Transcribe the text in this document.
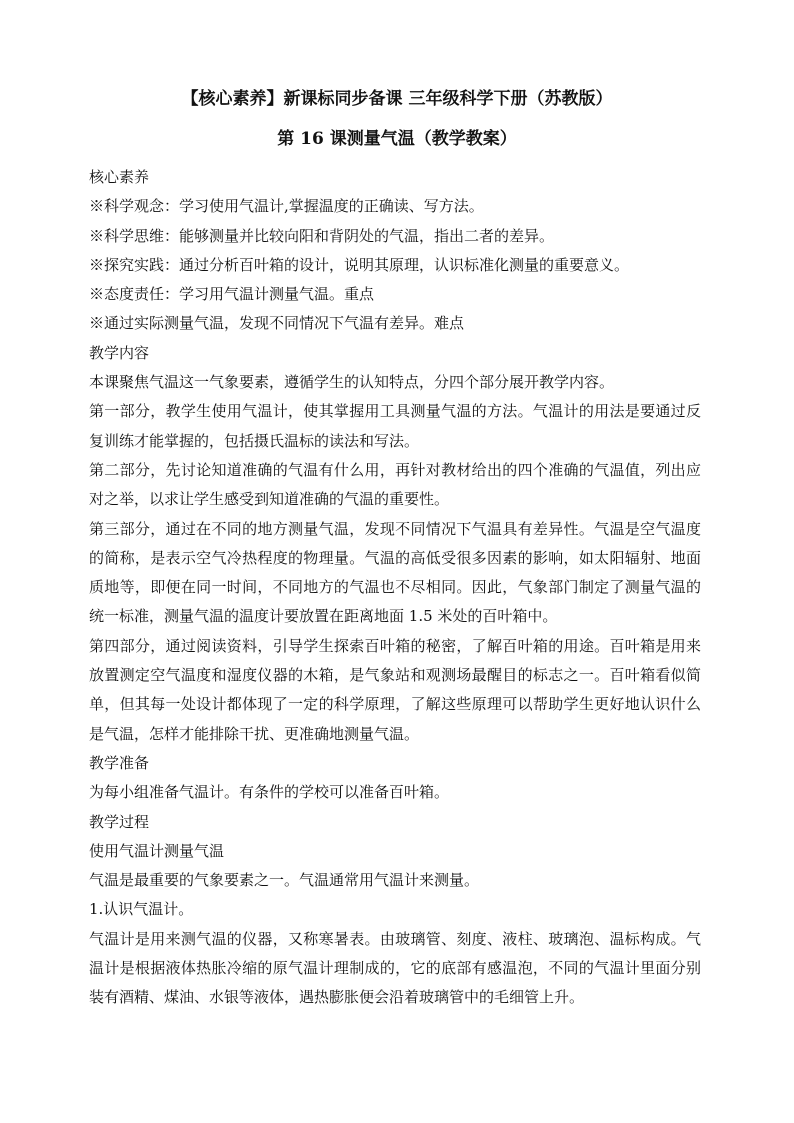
【核心素养】新课标同步备课 三年级科学下册（苏教版）
第 16 课测量气温（教学教案）

核心素养

※科学观念：学习使用气温计,掌握温度的正确读、写方法。

※科学思维：能够测量并比较向阳和背阴处的气温，指出二者的差异。

※探究实践：通过分析百叶箱的设计，说明其原理，认识标准化测量的重要意义。

※态度责任：学习用气温计测量气温。重点

※通过实际测量气温，发现不同情况下气温有差异。难点

教学内容

本课聚焦气温这一气象要素，遵循学生的认知特点，分四个部分展开教学内容。

第一部分，教学生使用气温计，使其掌握用工具测量气温的方法。气温计的用法是要通过反复训练才能掌握的，包括摄氏温标的读法和写法。

第二部分，先讨论知道准确的气温有什么用，再针对教材给出的四个准确的气温值，列出应对之举，以求让学生感受到知道准确的气温的重要性。

第三部分，通过在不同的地方测量气温，发现不同情况下气温具有差异性。气温是空气温度的简称，是表示空气冷热程度的物理量。气温的高低受很多因素的影响，如太阳辐射、地面质地等，即便在同一时间，不同地方的气温也不尽相同。因此，气象部门制定了测量气温的统一标准，测量气温的温度计要放置在距离地面 1.5 米处的百叶箱中。

第四部分，通过阅读资料，引导学生探索百叶箱的秘密，了解百叶箱的用途。百叶箱是用来放置测定空气温度和湿度仪器的木箱，是气象站和观测场最醒目的标志之一。百叶箱看似简单，但其每一处设计都体现了一定的科学原理，了解这些原理可以帮助学生更好地认识什么是气温，怎样才能排除干扰、更准确地测量气温。

教学准备

为每小组准备气温计。有条件的学校可以准备百叶箱。

教学过程

使用气温计测量气温

气温是最重要的气象要素之一。气温通常用气温计来测量。

1.认识气温计。

气温计是用来测气温的仪器，又称寒暑表。由玻璃管、刻度、液柱、玻璃泡、温标构成。气温计是根据液体热胀冷缩的原气温计理制成的，它的底部有感温泡，不同的气温计里面分别装有酒精、煤油、水银等液体，遇热膨胀便会沿着玻璃管中的毛细管上升。
